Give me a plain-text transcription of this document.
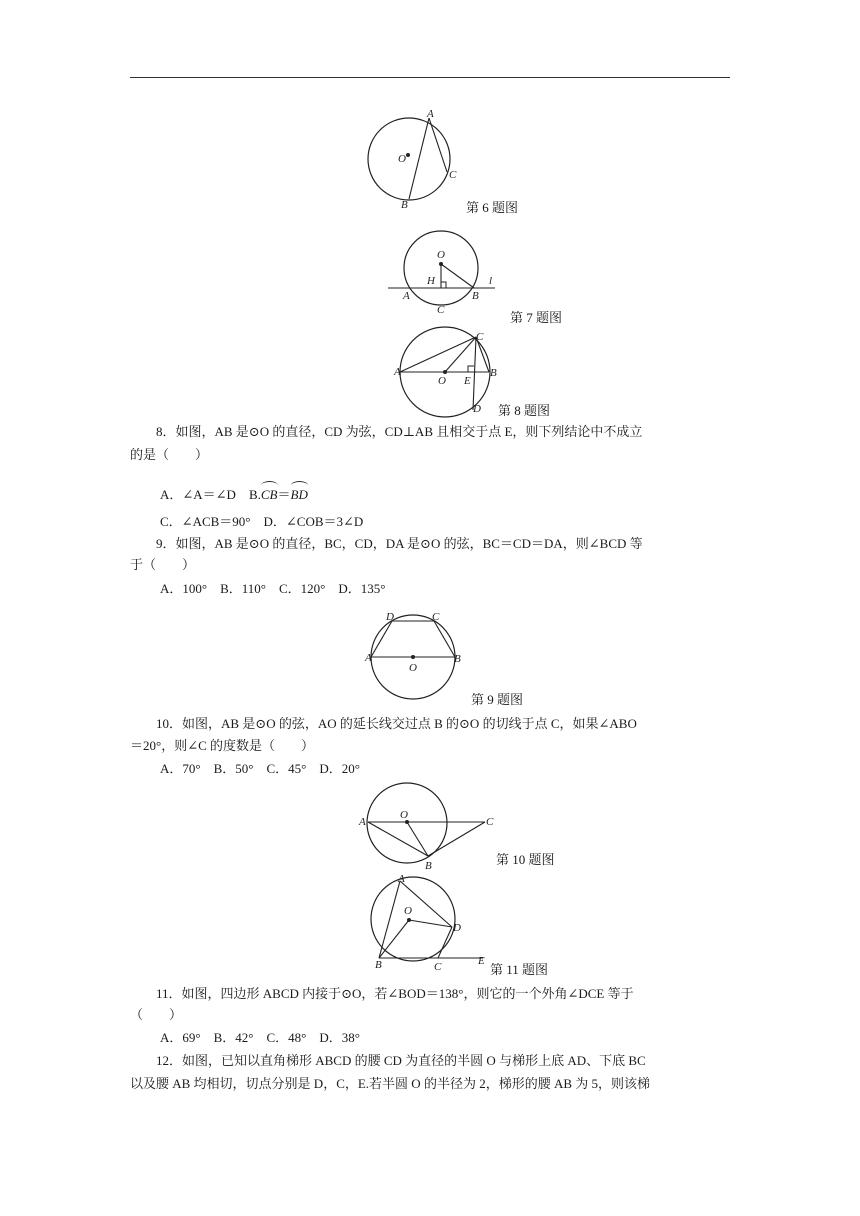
A
O
C
B	第 6 题图
O
H	l
A	B
C	第 7 题图
C
A
O E
B
D 第 8 题图
8．如图，AB 是⊙O 的直径，CD 为弦，CD⊥AB 且相交于点 E，则下列结论中不成立
的是（　　）
A．∠A＝∠D　B.
CB＝
BD
C．∠ACB＝90°　D．∠COB＝3∠D
9．如图，AB 是⊙O 的直径，BC，CD，DA 是⊙O 的弦，BC＝CD＝DA，则∠BCD 等
于（　　）
A．100°　B．110°　C．120°　D．135°
D	C
A
O
B
第 9 题图
10．如图，AB 是⊙O 的弦，AO 的延长线交过点 B 的⊙O 的切线于点 C，如果∠ABO
＝20°，则∠C 的度数是（　　）
A．70°　B．50°　C．45°　D．20°
A
O
C
B	第 10 题图
A
O
D
B	C	E
第 11 题图
11．如图，四边形 ABCD 内接于⊙O，若∠BOD＝138°，则它的一个外角∠DCE 等于
（　　）
A．69°　B．42°　C．48°　D．38°
12．如图，已知以直角梯形 ABCD 的腰 CD 为直径的半圆 O 与梯形上底 AD、下底 BC
以及腰 AB 均相切，切点分别是 D，C，E.若半圆 O 的半径为 2，梯形的腰 AB 为 5，则该梯
